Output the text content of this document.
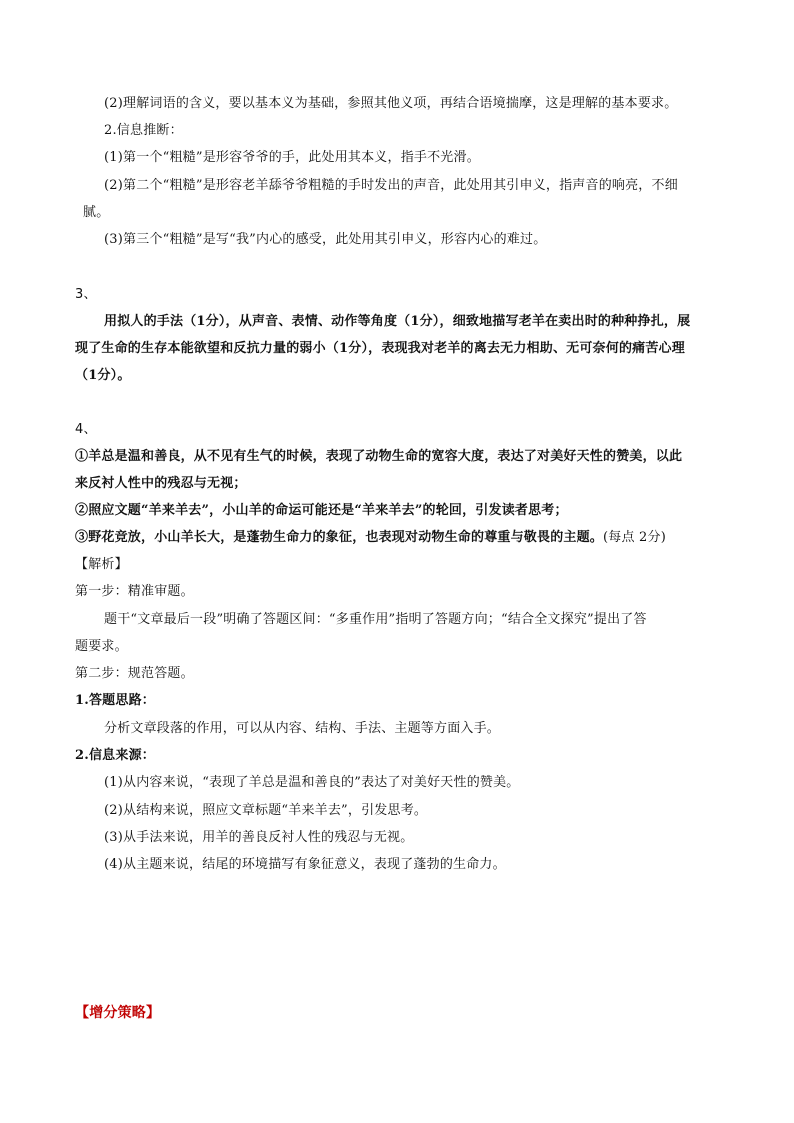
(2)理解词语的含义，要以基本义为基础，参照其他义项，再结合语境揣摩，这是理解的基本要求。
2.信息推断：
(1)第一个“粗糙”是形容爷爷的手，此处用其本义，指手不光滑。
(2)第二个“粗糙”是形容老羊舔爷爷粗糙的手时发出的声音，此处用其引申义，指声音的响亮，不细
腻。
(3)第三个“粗糙”是写“我”内心的感受，此处用其引申义，形容内心的难过。
3、
用拟人的手法（1分），从声音、表情、动作等角度（1分），细致地描写老羊在卖出时的种种挣扎，展
现了生命的生存本能欲望和反抗力量的弱小（1分），表现我对老羊的离去无力相助、无可奈何的痛苦心理
（1分）。
4、
①羊总是温和善良，从不见有生气的时候，表现了动物生命的宽容大度，表达了对美好天性的赞美，以此
来反衬人性中的残忍与无视；
②照应文题“羊来羊去”，小山羊的命运可能还是“羊来羊去”的轮回，引发读者思考；
③野花竞放，小山羊长大，是蓬勃生命力的象征，也表现对动物生命的尊重与敬畏的主题。(每点 2分)
【解析】
第一步：精准审题。
题干“文章最后一段”明确了答题区间：“多重作用”指明了答题方向；“结合全文探究”提出了答
题要求。
第二步：规范答题。
1.答题思路：
分析文章段落的作用，可以从内容、结构、手法、主题等方面入手。
2.信息来源：
(1)从内容来说，“表现了羊总是温和善良的”表达了对美好天性的赞美。
(2)从结构来说，照应文章标题“羊来羊去”，引发思考。
(3)从手法来说，用羊的善良反衬人性的残忍与无视。
(4)从主题来说，结尾的环境描写有象征意义，表现了蓬勃的生命力。
【增分策略】
